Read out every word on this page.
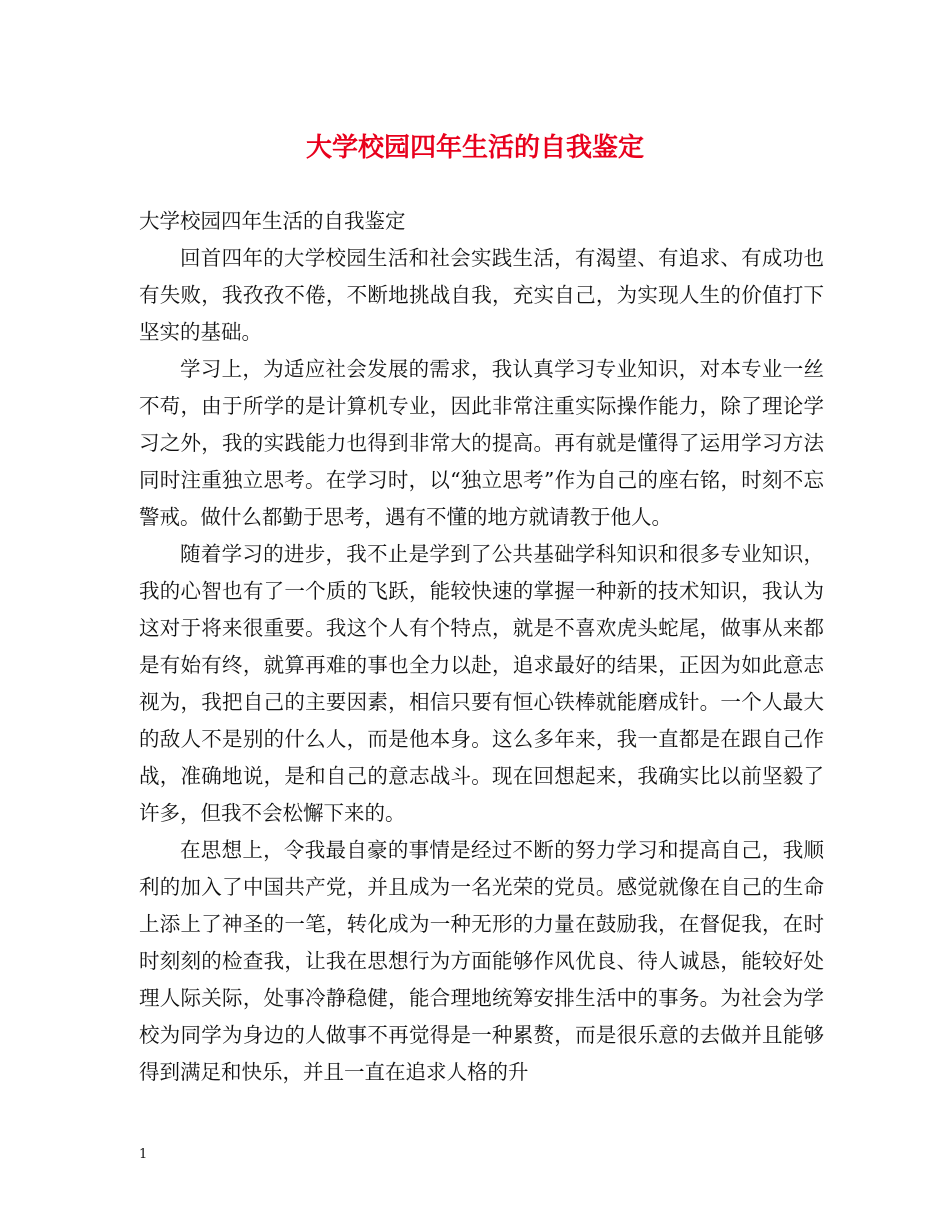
大学校园四年生活的自我鉴定

大学校园四年生活的自我鉴定

回首四年的大学校园生活和社会实践生活，有渴望、有追求、有成功也有失败，我孜孜不倦，不断地挑战自我，充实自己，为实现人生的价值打下坚实的基础。

学习上，为适应社会发展的需求，我认真学习专业知识，对本专业一丝不苟，由于所学的是计算机专业，因此非常注重实际操作能力，除了理论学习之外，我的实践能力也得到非常大的提高。再有就是懂得了运用学习方法同时注重独立思考。在学习时，以“独立思考”作为自己的座右铭，时刻不忘警戒。做什么都勤于思考，遇有不懂的地方就请教于他人。

随着学习的进步，我不止是学到了公共基础学科知识和很多专业知识，我的心智也有了一个质的飞跃，能较快速的掌握一种新的技术知识，我认为这对于将来很重要。我这个人有个特点，就是不喜欢虎头蛇尾，做事从来都是有始有终，就算再难的事也全力以赴，追求最好的结果，正因为如此意志视为，我把自己的主要因素，相信只要有恒心铁棒就能磨成针。一个人最大的敌人不是别的什么人，而是他本身。这么多年来，我一直都是在跟自己作战，准确地说，是和自己的意志战斗。现在回想起来，我确实比以前坚毅了许多，但我不会松懈下来的。

在思想上，令我最自豪的事情是经过不断的努力学习和提高自己，我顺利的加入了中国共产党，并且成为一名光荣的党员。感觉就像在自己的生命上添上了神圣的一笔，转化成为一种无形的力量在鼓励我，在督促我，在时时刻刻的检查我，让我在思想行为方面能够作风优良、待人诚恳，能较好处理人际关际，处事冷静稳健，能合理地统筹安排生活中的事务。为社会为学校为同学为身边的人做事不再觉得是一种累赘，而是很乐意的去做并且能够得到满足和快乐，并且一直在追求人格的升

1
